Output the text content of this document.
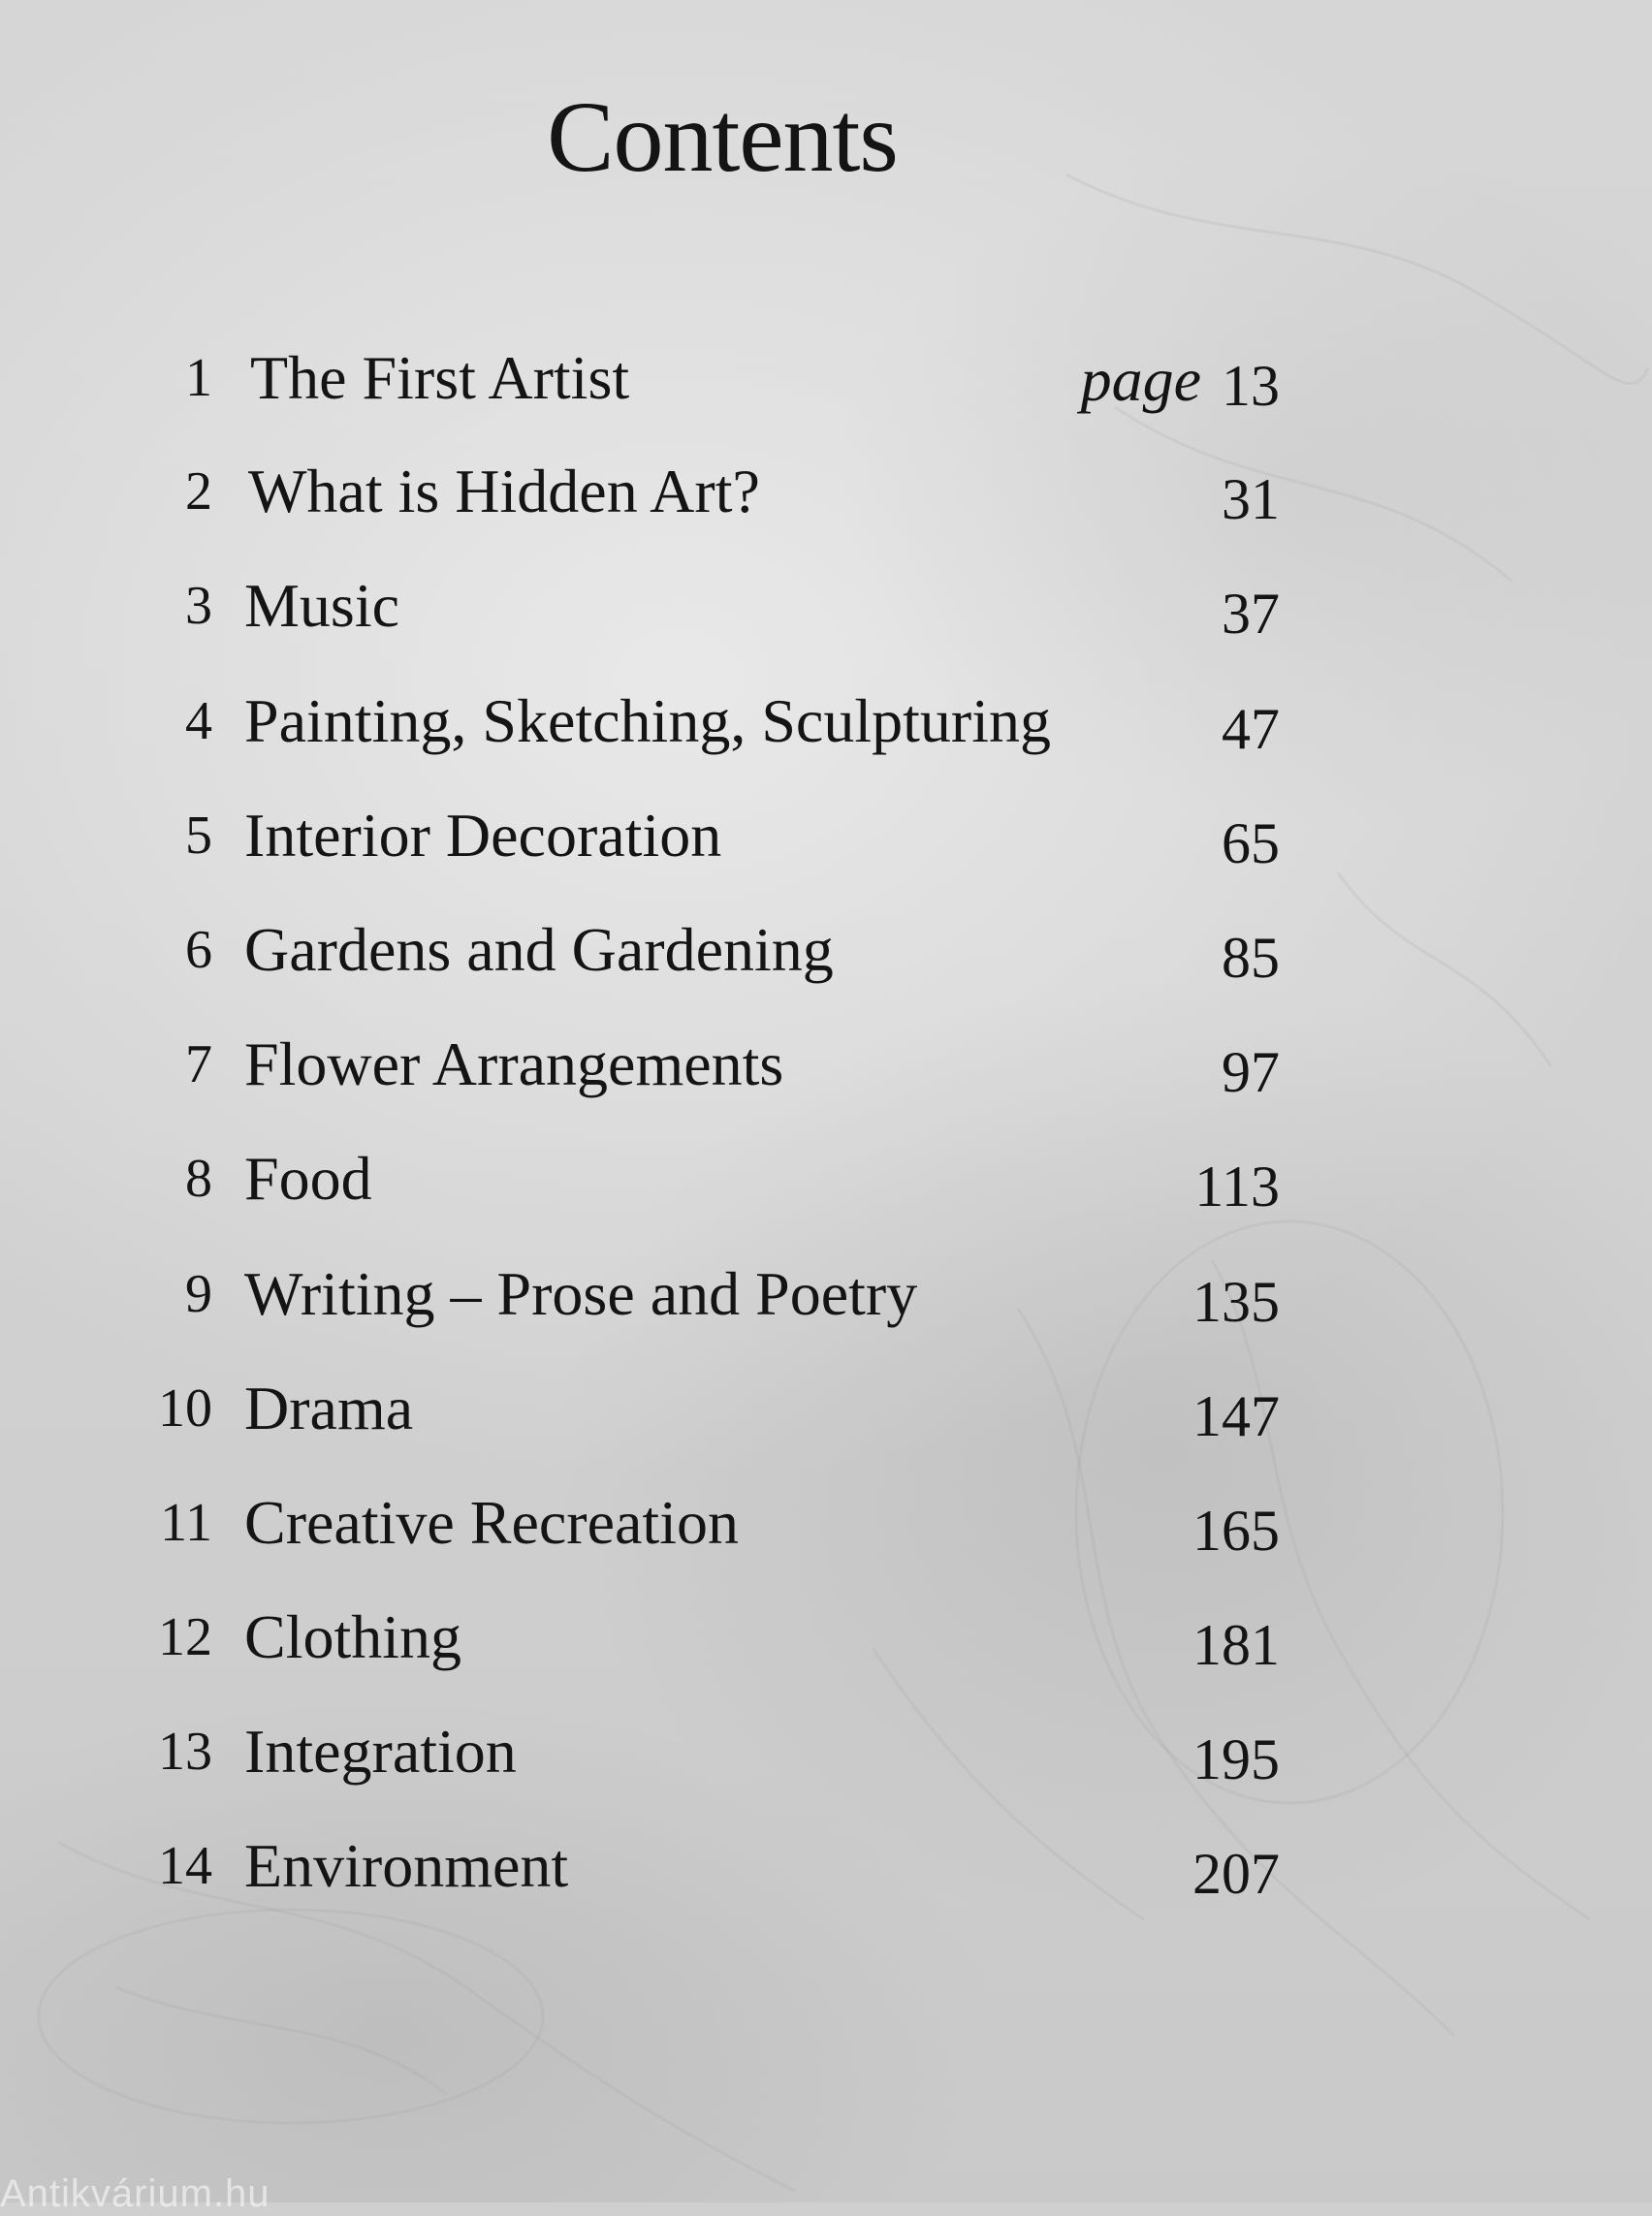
Contents
1 The First Artist	page 13
2 What is Hidden Art?	31
3 Music	37
4 Painting, Sketching, Sculpturing	47
5 Interior Decoration	65
6 Gardens and Gardening	85
7 Flower Arrangements	97
8 Food	113
9 Writing – Prose and Poetry	135
10 Drama	147
11 Creative Recreation	165
12 Clothing	181
13 Integration	195
14 Environment	207
Antikvárium.hu
